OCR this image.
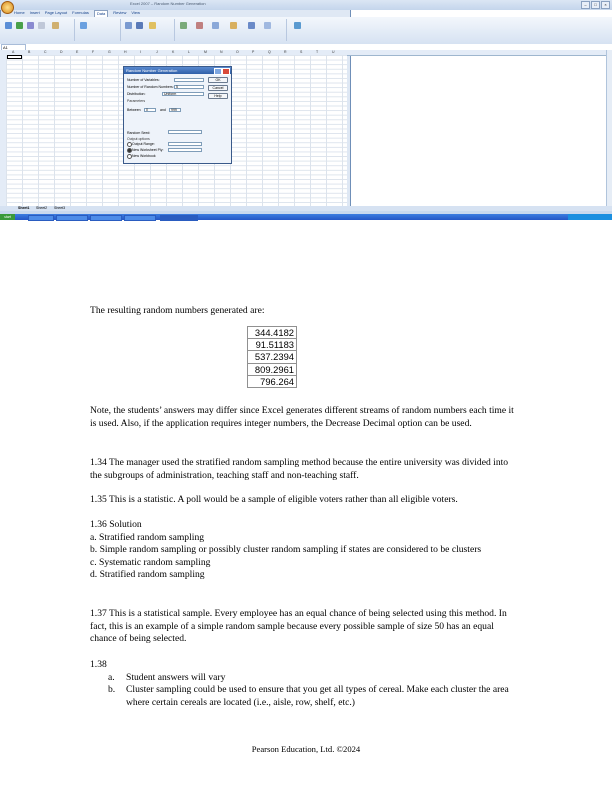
Excel 2007 – Random Number Generation	–	□	×
Home Insert Page Layout Formulas	Data	Review View
A1
A	B	C	D	E	F	G	H	I	J	K	L	M	N	O	P	Q	R	S	T	U
Sheet1 Sheet2 Sheet3
start
Random Number Generation
Number of Variables:
Number of Random Numbers: 5
Distribution:	Uniform
Parameters
Between	0	and	999
Random Seed:
Output options
Output Range:
New Worksheet Ply:
New Workbook
OK
Cancel
Help
The resulting random numbers generated are:
344.4182
91.51183
537.2394
809.2961
796.264
Note, the students’ answers may differ since Excel generates different streams of random numbers each time it is used. Also, if the application requires integer numbers, the Decrease Decimal option can be used.
1.34 The manager used the stratified random sampling method because the entire university was divided into the subgroups of administration, teaching staff and non-teaching staff.
1.35 This is a statistic. A poll would be a sample of eligible voters rather than all eligible voters.
1.36 Solution
a. Stratified random sampling
b. Simple random sampling or possibly cluster random sampling if states are considered to be clusters
c. Systematic random sampling
d. Stratified random sampling
1.37 This is a statistical sample. Every employee has an equal chance of being selected using this method. In fact, this is an example of a simple random sample because every possible sample of size 50 has an equal chance of being selected.
1.38
a. Student answers will vary
b. Cluster sampling could be used to ensure that you get all types of cereal. Make each cluster the area where certain cereals are located (i.e., aisle, row, shelf, etc.)
Pearson Education, Ltd. ©2024
